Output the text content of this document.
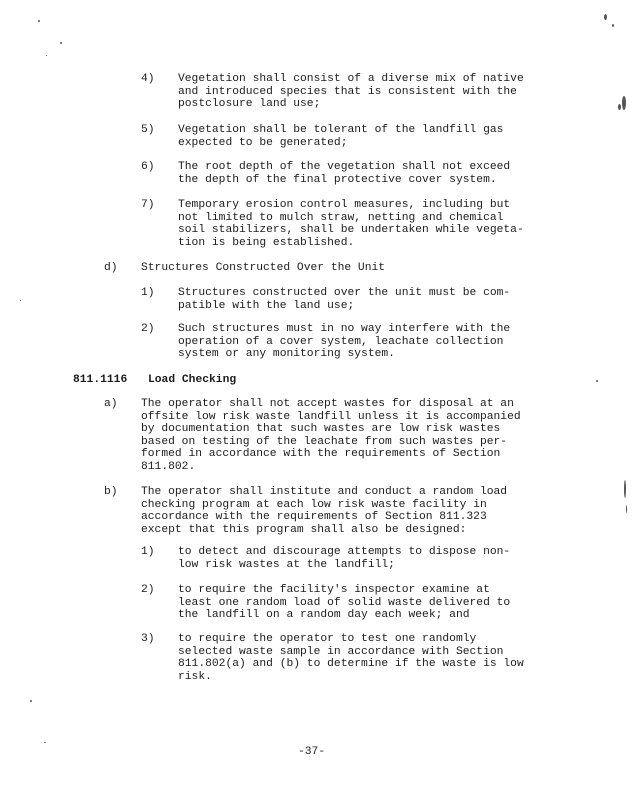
4) Vegetation shall consist of a diverse mix of native
and introduced species that is consistent with the
postclosure land use;
5) Vegetation shall be tolerant of the landfill gas
expected to be generated;
6) The root depth of the vegetation shall not exceed
the depth of the final protective cover system.
7) Temporary erosion control measures, including but
not limited to mulch straw, netting and chemical
soil stabilizers, shall be undertaken while vegeta-
tion is being established.
d) Structures Constructed Over the Unit
1) Structures constructed over the unit must be com-
patible with the land use;
2) Such structures must in no way interfere with the
operation of a cover system, leachate collection
system or any monitoring system.
811.1116 Load Checking
a) The operator shall not accept wastes for disposal at an
offsite low risk waste landfill unless it is accompanied
by documentation that such wastes are low risk wastes
based on testing of the leachate from such wastes per-
formed in accordance with the requirements of Section
811.802.
b) The operator shall institute and conduct a random load
checking program at each low risk waste facility in
accordance with the requirements of Section 811.323
except that this program shall also be designed:
1) to detect and discourage attempts to dispose non-
low risk wastes at the landfill;
2) to require the facility's inspector examine at
least one random load of solid waste delivered to
the landfill on a random day each week; and
3) to require the operator to test one randomly
selected waste sample in accordance with Section
811.802(a) and (b) to determine if the waste is low
risk.
-37-
